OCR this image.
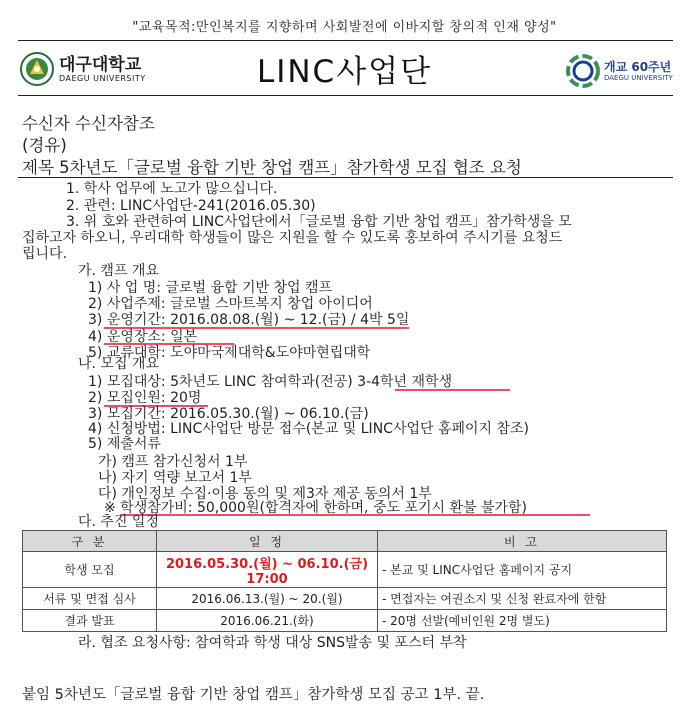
"교육목적:만인복지를 지향하며 사회발전에 이바지할 창의적 인재 양성"
대구대학교
DAEGU UNIVERSITY	LINC사업단	개교 60주년
DAEGU UNIVERSITY
수신자 수신자참조
(경유)
제목 5차년도「글로벌 융합 기반 창업 캠프」참가학생 모집 협조 요청
1. 학사 업무에 노고가 많으십니다.
2. 관련: LINC사업단-241(2016.05.30)
3. 위 호와 관련하여 LINC사업단에서「글로벌 융합 기반 창업 캠프」참가학생을 모
집하고자 하오니, 우리대학 학생들이 많은 지원을 할 수 있도록 홍보하여 주시기를 요청드
립니다.
가. 캠프 개요
1) 사 업 명: 글로벌 융합 기반 창업 캠프
2) 사업주제: 글로벌 스마트복지 창업 아이디어
3) 운영기간: 2016.08.08.(월) ~ 12.(금) / 4박 5일
4) 운영장소: 일본
5) 교류대학: 도야마국제대학&도야마현립대학
나. 모집 개요
1) 모집대상: 5차년도 LINC 참여학과(전공) 3-4학년 재학생
2) 모집인원: 20명
3) 모집기간: 2016.05.30.(월) ~ 06.10.(금)
4) 신청방법: LINC사업단 방문 접수(본교 및 LINC사업단 홈페이지 참조)
5) 제출서류
가) 캠프 참가신청서 1부
나) 자기 역량 보고서 1부
다) 개인정보 수집·이용 동의 및 제3자 제공 동의서 1부
※ 학생참가비: 50,000원(합격자에 한하며, 중도 포기시 환불 불가함)
다. 추진 일정
구 분	일 정	비 고
학생 모집	2016.05.30.(월) ~ 06.10.(금) 17:00	- 본교 및 LINC사업단 홈페이지 공지
서류 및 면접 심사	2016.06.13.(월) ~ 20.(월)	- 면접자는 여권소지 및 신청 완료자에 한함
결과 발표	2016.06.21.(화)	- 20명 선발(예비인원 2명 별도)
라. 협조 요청사항: 참여학과 학생 대상 SNS발송 및 포스터 부착
붙임 5차년도「글로벌 융합 기반 창업 캠프」참가학생 모집 공고 1부. 끝.
